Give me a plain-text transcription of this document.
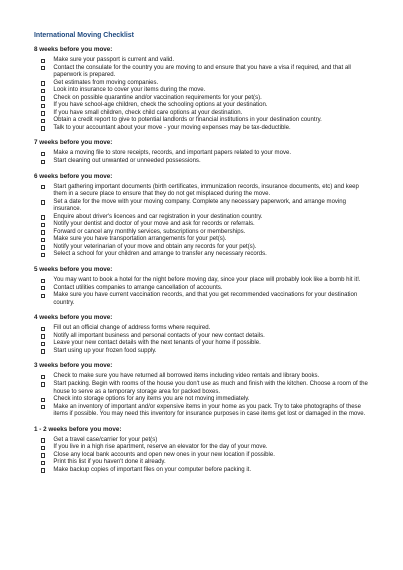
International Moving Checklist
8 weeks before you move:
Make sure your passport is current and valid.
Contact the consulate for the country you are moving to and ensure that you have a visa if required, and that all paperwork is prepared.
Get estimates from moving companies.
Look into insurance to cover your items during the move.
Check on possible quarantine and/or vaccination requirements for your pet(s).
If you have school-age children, check the schooling options at your destination.
If you have small children, check child care options at your destination.
Obtain a credit report to give to potential landlords or financial institutions in your destination country.
Talk to your accountant about your move - your moving expenses may be tax-deductible.
7 weeks before you move:
Make a moving file to store receipts, records, and important papers related to your move.
Start cleaning out unwanted or unneeded possessions.
6 weeks before you move:
Start gathering important documents (birth certificates, immunization records, insurance documents, etc) and keep them in a secure place to ensure that they do not get misplaced during the move.
Set a date for the move with your moving company. Complete any necessary paperwork, and arrange moving insurance.
Enquire about driver's licences and car registration in your destination country.
Notify your dentist and doctor of your move and ask for records or referrals.
Forward or cancel any monthly services, subscriptions or memberships.
Make sure you have transportation arrangements for your pet(s).
Notify your veterinarian of your move and obtain any records for your pet(s).
Select a school for your children and arrange to transfer any necessary records.
5 weeks before you move:
You may want to book a hotel for the night before moving day, since your place will probably look like a bomb hit it!.
Contact utilities companies to arrange cancellation of accounts.
Make sure you have current vaccination records, and that you get recommended vaccinations for your destination country.
4 weeks before you move:
Fill out an official change of address forms where required.
Notify all important business and personal contacts of your new contact details.
Leave your new contact details with the next tenants of your home if possible.
Start using up your frozen food supply.
3 weeks before you move:
Check to make sure you have returned all borrowed items including video rentals and library books.
Start packing. Begin with rooms of the house you don't use as much and finish with the kitchen. Choose a room of the house to serve as a temporary storage area for packed boxes.
Check into storage options for any items you are not moving immediately.
Make an inventory of important and/or expensive items in your home as you pack. Try to take photographs of these items if possible. You may need this inventory for insurance purposes in case items get lost or damaged in the move.
1 - 2 weeks before you move:
Get a travel case/carrier for your pet(s)
If you live in a high rise apartment, reserve an elevator for the day of your move.
Close any local bank accounts and open new ones in your new location if possible.
Print this list if you haven't done it already.
Make backup copies of important files on your computer before packing it.
